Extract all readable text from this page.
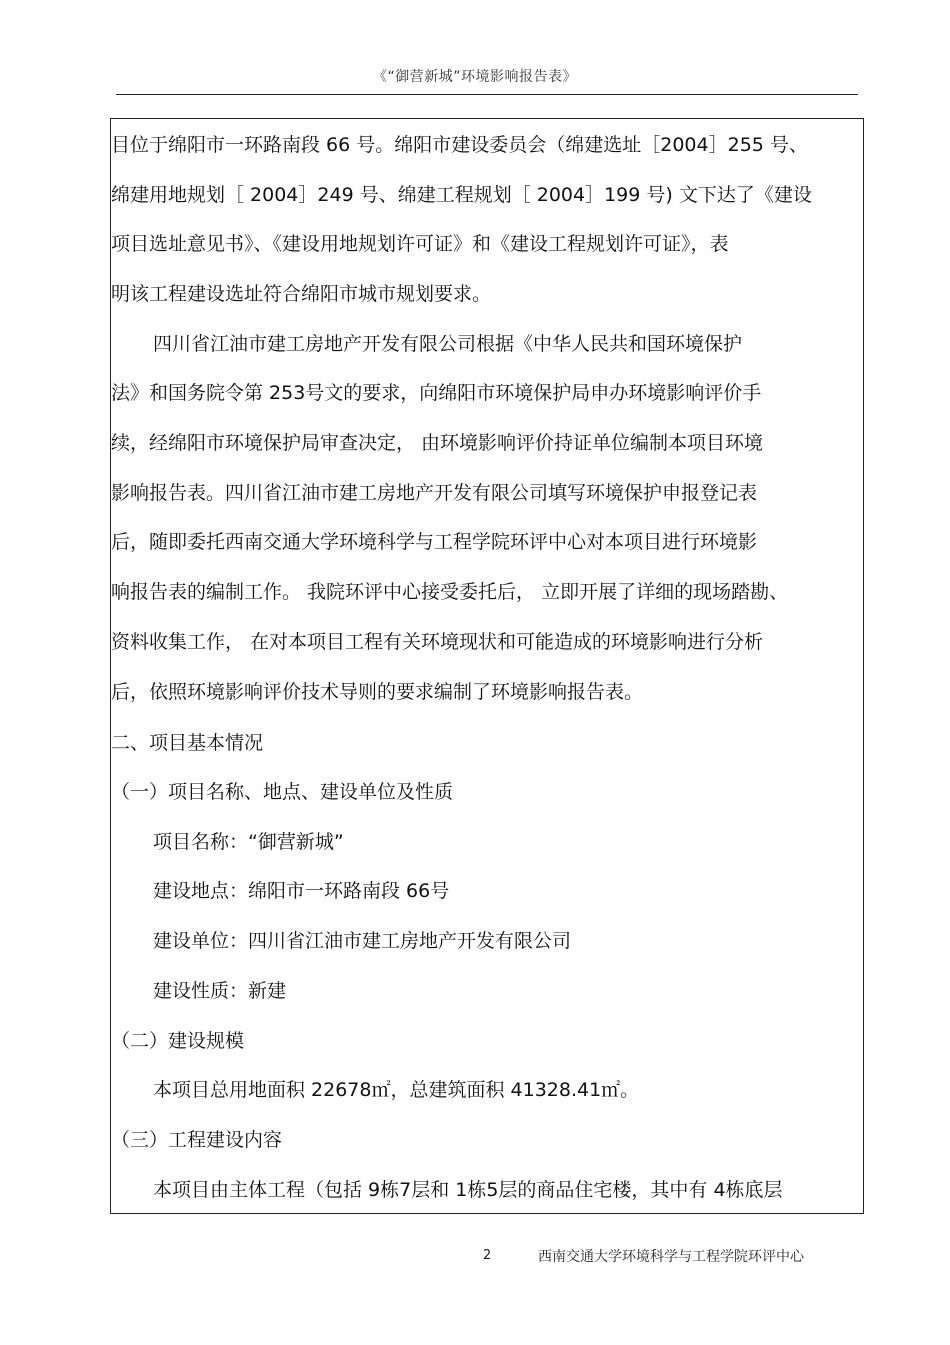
《“御营新城”环境影响报告表》
目位于绵阳市一环路南段 66 号。绵阳市建设委员会（绵建选址［2004］255 号、
绵建用地规划［ 2004］249 号、绵建工程规划［ 2004］199 号) 文下达了《建设
项目选址意见书》、《建设用地规划许可证》和《建设工程规划许可证》，表
明该工程建设选址符合绵阳市城市规划要求。
四川省江油市建工房地产开发有限公司根据《中华人民共和国环境保护
法》和国务院令第 253号文的要求，向绵阳市环境保护局申办环境影响评价手
续，经绵阳市环境保护局审查决定， 由环境影响评价持证单位编制本项目环境
影响报告表。四川省江油市建工房地产开发有限公司填写环境保护申报登记表
后，随即委托西南交通大学环境科学与工程学院环评中心对本项目进行环境影
响报告表的编制工作。 我院环评中心接受委托后， 立即开展了详细的现场踏勘、
资料收集工作， 在对本项目工程有关环境现状和可能造成的环境影响进行分析
后，依照环境影响评价技术导则的要求编制了环境影响报告表。
二、项目基本情况
（一）项目名称、地点、建设单位及性质
项目名称：“御营新城”
建设地点：绵阳市一环路南段 66号
建设单位：四川省江油市建工房地产开发有限公司
建设性质：新建
（二）建设规模
本项目总用地面积 22678㎡，总建筑面积 41328.41㎡。
（三）工程建设内容
本项目由主体工程（包括 9栋7层和 1栋5层的商品住宅楼，其中有 4栋底层
2	西南交通大学环境科学与工程学院环评中心
